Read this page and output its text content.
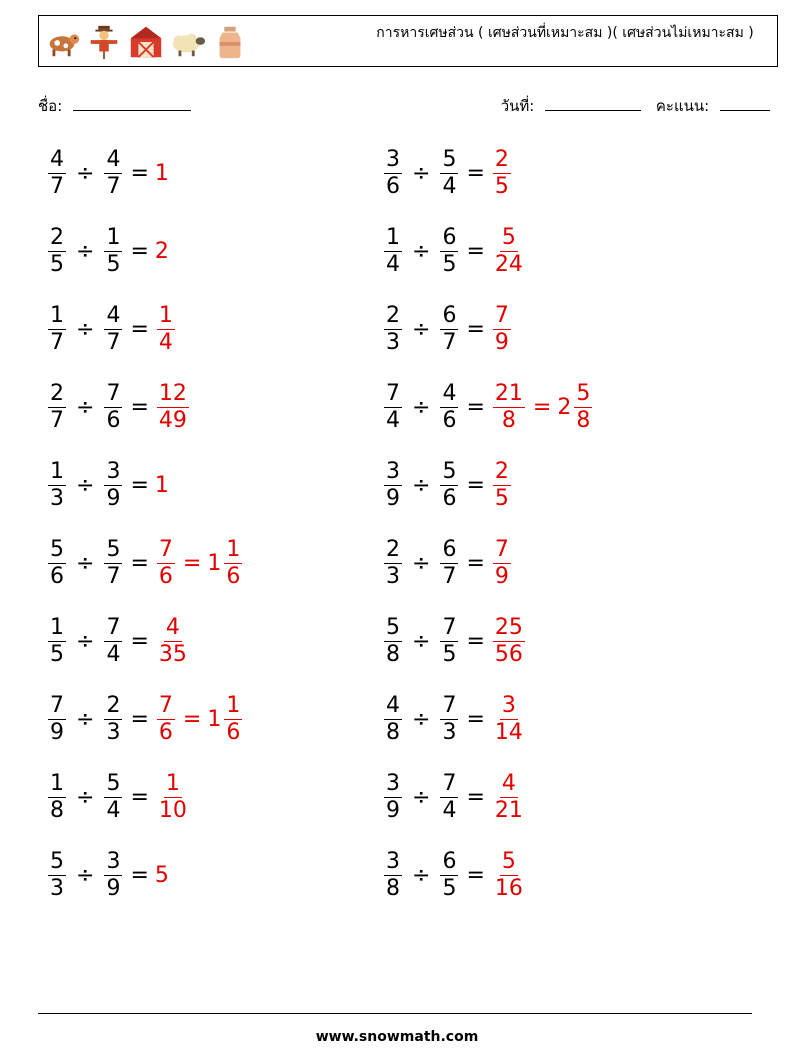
การหารเศษส่วน ( เศษส่วนที่เหมาะสม )( เศษส่วนไม่เหมาะสม )
ชื่อ:	วันที่:	คะแนน:
$\frac{4}{7} \div \frac{4}{7} = 1$	$\frac{3}{6} \div \frac{5}{4} = \frac{2}{5}$
$\frac{2}{5} \div \frac{1}{5} = 2$	$\frac{1}{4} \div \frac{6}{5} = \frac{5}{24}$
$\frac{1}{7} \div \frac{4}{7} = \frac{1}{4}$	$\frac{2}{3} \div \frac{6}{7} = \frac{7}{9}$
$\frac{2}{7} \div \frac{7}{6} = \frac{12}{49}$	$\frac{7}{4} \div \frac{4}{6} = \frac{21}{8} = 2 \frac{5}{8}$
$\frac{1}{3} \div \frac{3}{9} = 1$	$\frac{3}{9} \div \frac{5}{6} = \frac{2}{5}$
$\frac{5}{6} \div \frac{5}{7} = \frac{7}{6} = 1 \frac{1}{6}$	$\frac{2}{3} \div \frac{6}{7} = \frac{7}{9}$
$\frac{1}{5} \div \frac{7}{4} = \frac{4}{35}$	$\frac{5}{8} \div \frac{7}{5} = \frac{25}{56}$
$\frac{7}{9} \div \frac{2}{3} = \frac{7}{6} = 1 \frac{1}{6}$	$\frac{4}{8} \div \frac{7}{3} = \frac{3}{14}$
$\frac{1}{8} \div \frac{5}{4} = \frac{1}{10}$	$\frac{3}{9} \div \frac{7}{4} = \frac{4}{21}$
$\frac{5}{3} \div \frac{3}{9} = 5$	$\frac{3}{8} \div \frac{6}{5} = \frac{5}{16}$
www.snowmath.com
